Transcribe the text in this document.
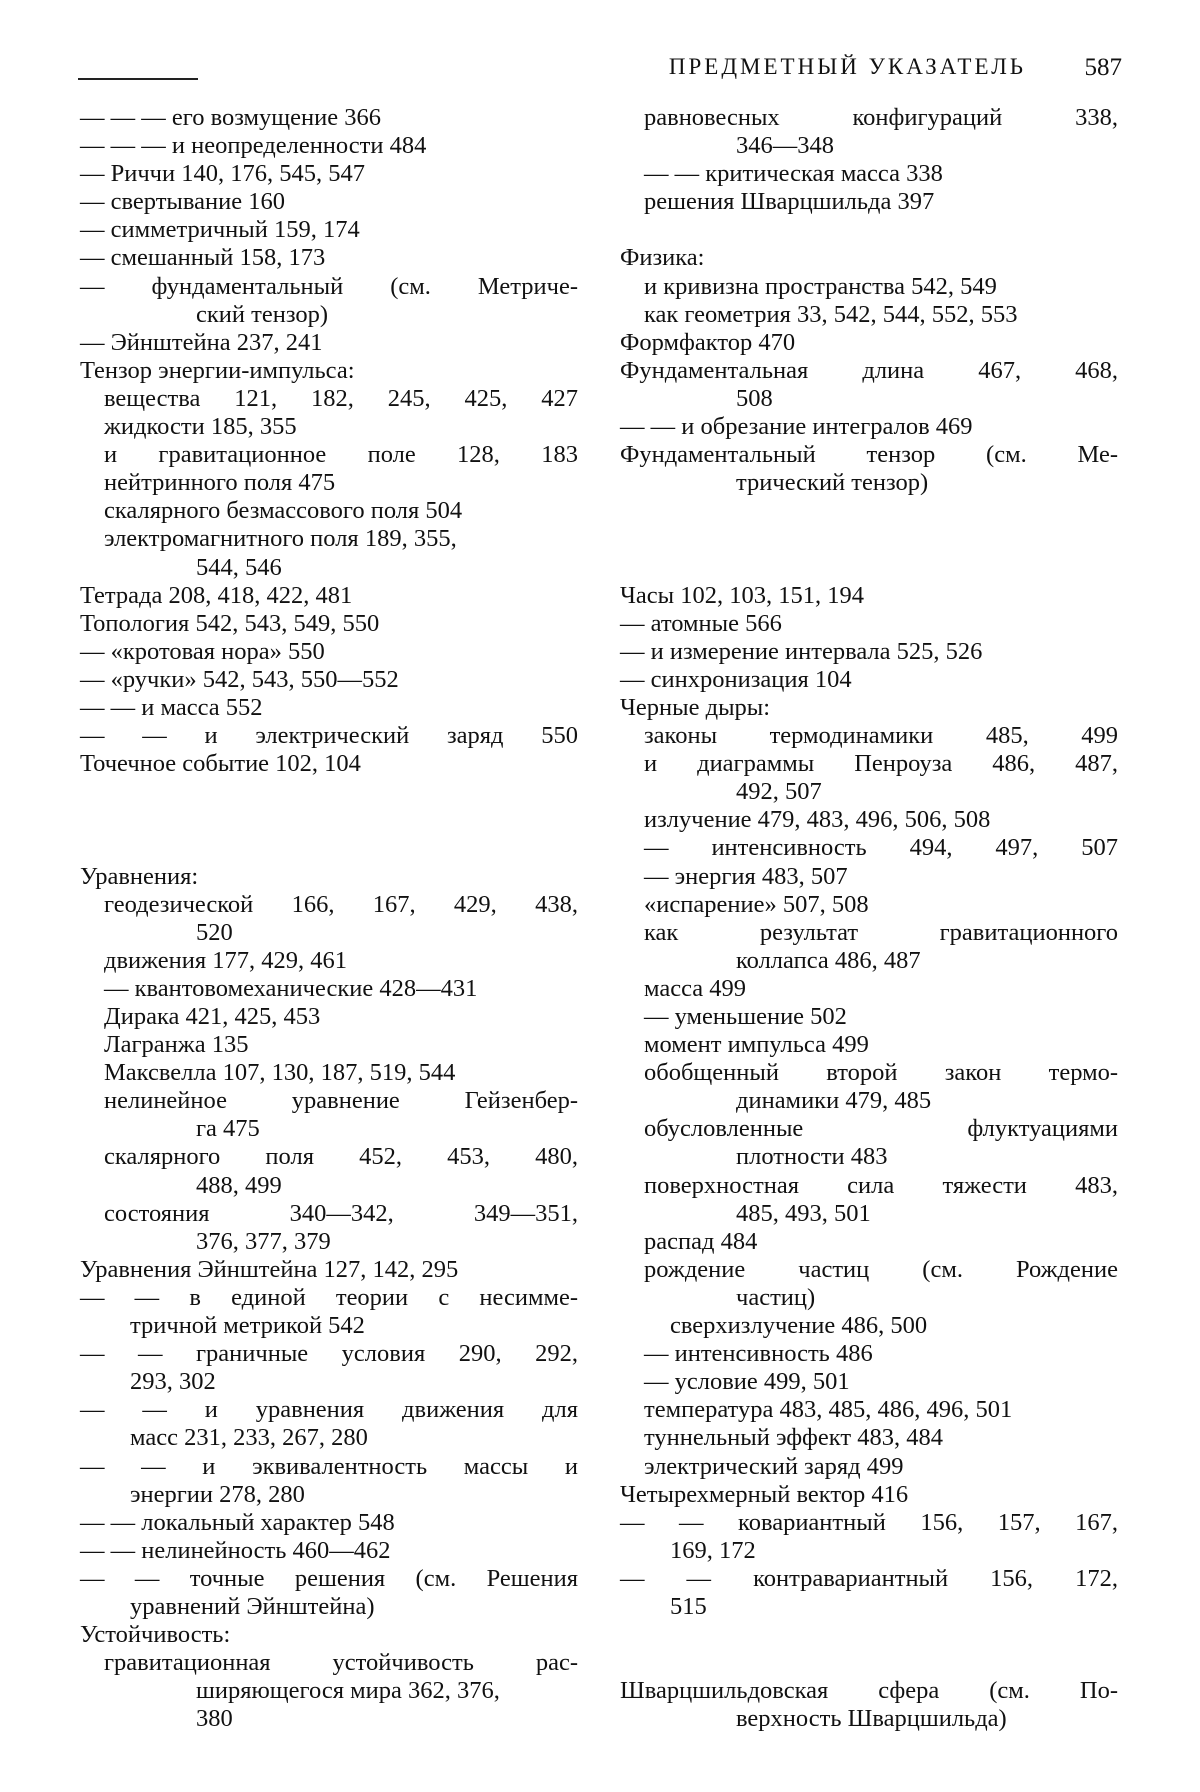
ПРЕДМЕТНЫЙ УКАЗАТЕЛЬ 587
— — — его возмущение 366
— — — и неопределенности 484
— Риччи 140, 176, 545, 547
— свертывание 160
— симметричный 159, 174
— смешанный 158, 173
— фундаментальный (см. Метриче-
ский тензор)
— Эйнштейна 237, 241
Тензор энергии-импульса:
вещества 121, 182, 245, 425, 427
жидкости 185, 355
и гравитационное поле 128, 183
нейтринного поля 475
скалярного безмассового поля 504
электромагнитного поля 189, 355,
544, 546
Тетрада 208, 418, 422, 481
Топология 542, 543, 549, 550
— «кротовая нора» 550
— «ручки» 542, 543, 550—552
— — и масса 552
— — и электрический заряд 550
Точечное событие 102, 104
Уравнения:
геодезической 166, 167, 429, 438,
520
движения 177, 429, 461
— квантовомеханические 428—431
Дирака 421, 425, 453
Лагранжа 135
Максвелла 107, 130, 187, 519, 544
нелинейное уравнение Гейзенбер-
га 475
скалярного поля 452, 453, 480,
488, 499
состояния 340—342, 349—351,
376, 377, 379
Уравнения Эйнштейна 127, 142, 295
— — в единой теории с несимме-
тричной метрикой 542
— — граничные условия 290, 292,
293, 302
— — и уравнения движения для
масс 231, 233, 267, 280
— — и эквивалентность массы и
энергии 278, 280
— — локальный характер 548
— — нелинейность 460—462
— — точные решения (см. Решения
уравнений Эйнштейна)
Устойчивость:
гравитационная устойчивость рас-
ширяющегося мира 362, 376,
380
равновесных конфигураций 338,
346—348
— — критическая масса 338
решения Шварцшильда 397
Физика:
и кривизна пространства 542, 549
как геометрия 33, 542, 544, 552, 553
Формфактор 470
Фундаментальная длина 467, 468,
508
— — и обрезание интегралов 469
Фундаментальный тензор (см. Ме-
трический тензор)
Часы 102, 103, 151, 194
— атомные 566
— и измерение интервала 525, 526
— синхронизация 104
Черные дыры:
законы термодинамики 485, 499
и диаграммы Пенроуза 486, 487,
492, 507
излучение 479, 483, 496, 506, 508
— интенсивность 494, 497, 507
— энергия 483, 507
«испарение» 507, 508
как результат гравитационного
коллапса 486, 487
масса 499
— уменьшение 502
момент импульса 499
обобщенный второй закон термо-
динамики 479, 485
обусловленные флуктуациями
плотности 483
поверхностная сила тяжести 483,
485, 493, 501
распад 484
рождение частиц (см. Рождение
частиц)
сверхизлучение 486, 500
— интенсивность 486
— условие 499, 501
температура 483, 485, 486, 496, 501
туннельный эффект 483, 484
электрический заряд 499
Четырехмерный вектор 416
— — ковариантный 156, 157, 167,
169, 172
— — контравариантный 156, 172,
515
Шварцшильдовская сфера (см. По-
верхность Шварцшильда)
